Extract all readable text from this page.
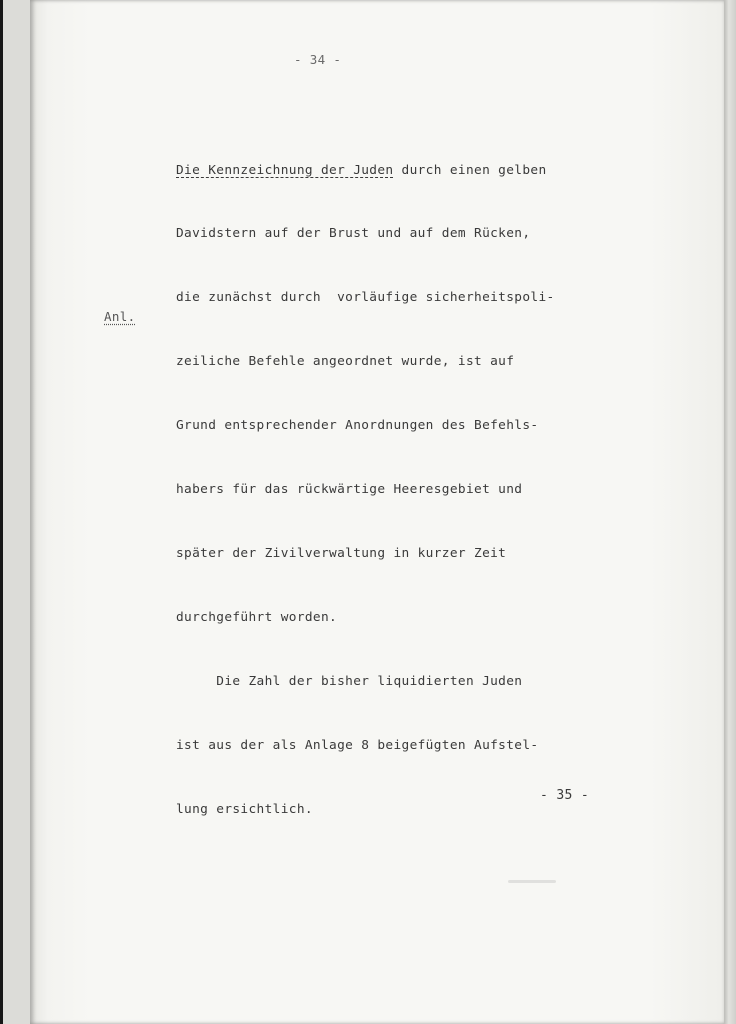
- 34 -

Die Kennzeichnung der Juden durch einen gelben

Davidstern auf der Brust und auf dem Rücken,

die zunächst durch  vorläufige sicherheitspoli-

zeiliche Befehle angeordnet wurde, ist auf

Grund entsprechender Anordnungen des Befehls-

habers für das rückwärtige Heeresgebiet und

später der Zivilverwaltung in kurzer Zeit

durchgeführt worden.

Die Zahl der bisher liquidierten Juden

ist aus der als Anlage 8 beigefügten Aufstel-

lung ersichtlich.

Anl.
- 35 -
